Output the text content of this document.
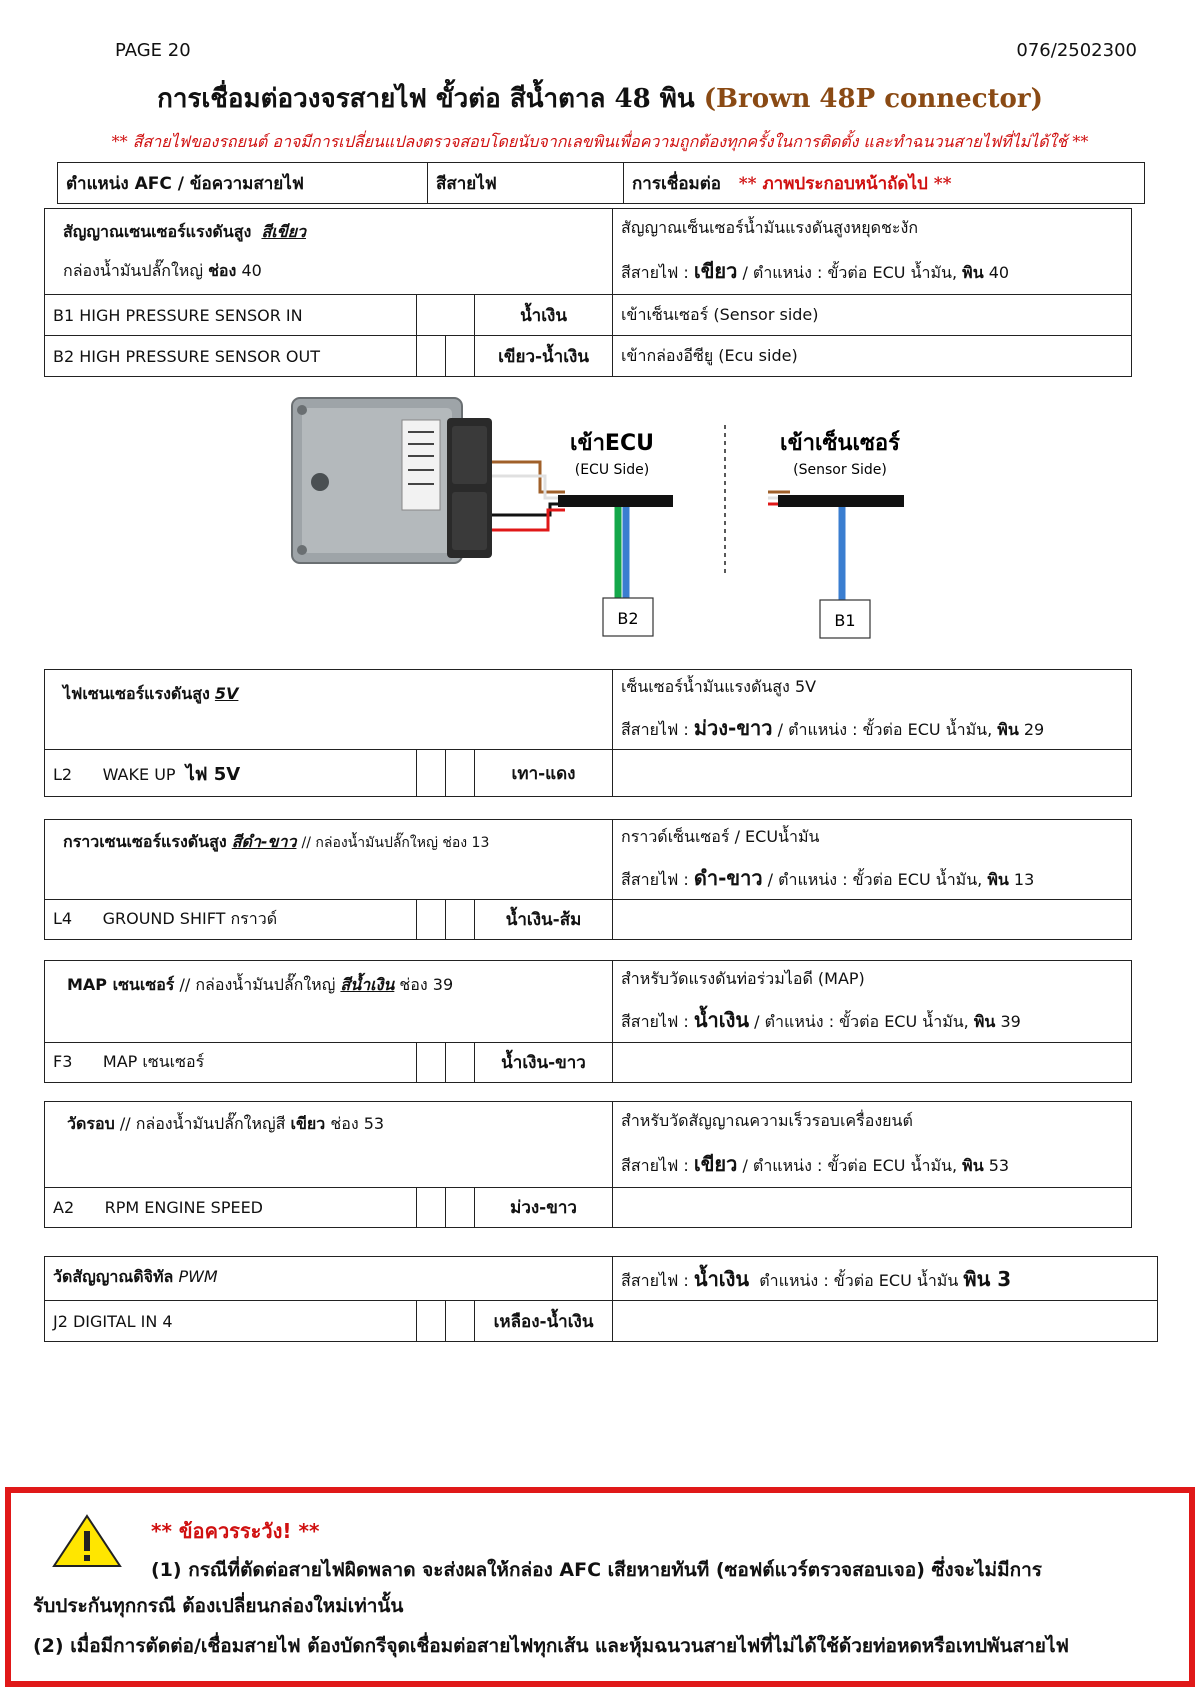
PAGE 20	076/2502300
การเชื่อมต่อวงจรสายไฟ ขั้วต่อ สีน้ำตาล 48 พิน (Brown 48P connector)
** สีสายไฟของรถยนต์ อาจมีการเปลี่ยนแปลงตรวจสอบโดยนับจากเลขพินเพื่อความถูกต้องทุกครั้งในการติดตั้ง และทำฉนวนสายไฟที่ไม่ได้ใช้ **
ตำแหน่ง AFC / ข้อความสายไฟ	สีสายไฟ	การเชื่อมต่อ ** ภาพประกอบหน้าถัดไป **
สัญญาณเซนเซอร์แรงดันสูง สีเขียว
กล่องน้ำมันปลั๊กใหญ่ ช่อง 40				สัญญาณเซ็นเซอร์น้ำมันแรงดันสูงหยุดชะงัก
สีสายไฟ : เขียว / ตำแหน่ง : ขั้วต่อ ECU น้ำมัน, พิน 40

B1 HIGH PRESSURE SENSOR IN			น้ำเงิน	เข้าเซ็นเซอร์ (Sensor side)
B2 HIGH PRESSURE SENSOR OUT			เขียว-น้ำเงิน	เข้ากล่องอีซียู (Ecu side)
เข้าECU
(ECU Side)
B2
เข้าเซ็นเซอร์
(Sensor Side)
B1
ไฟเซนเซอร์แรงดันสูง 5V				เซ็นเซอร์น้ำมันแรงดันสูง 5V
สีสายไฟ : ม่วง-ขาว / ตำแหน่ง : ขั้วต่อ ECU น้ำมัน, พิน 29

L2 WAKE UP ไฟ 5V			เทา-แดง	
กราวเซนเซอร์แรงดันสูง สีดำ-ขาว // กล่องน้ำมันปลั๊กใหญ่ ช่อง 13				กราวด์เซ็นเซอร์ / ECUน้ำมัน
สีสายไฟ : ดำ-ขาว / ตำแหน่ง : ขั้วต่อ ECU น้ำมัน, พิน 13

L4 GROUND SHIFT กราวด์			น้ำเงิน-ส้ม	
MAP เซนเซอร์ // กล่องน้ำมันปลั๊กใหญ่ สีน้ำเงิน ช่อง 39				สำหรับวัดแรงดันท่อร่วมไอดี (MAP)
สีสายไฟ : น้ำเงิน / ตำแหน่ง : ขั้วต่อ ECU น้ำมัน, พิน 39

F3 MAP เซนเซอร์			น้ำเงิน-ขาว	
วัดรอบ // กล่องน้ำมันปลั๊กใหญ่สี เขียว ช่อง 53				สำหรับวัดสัญญาณความเร็วรอบเครื่องยนต์
สีสายไฟ : เขียว / ตำแหน่ง : ขั้วต่อ ECU น้ำมัน, พิน 53

A2 RPM ENGINE SPEED			ม่วง-ขาว	
วัดสัญญาณดิจิทัล PWM				สีสายไฟ : น้ำเงิน ตำแหน่ง : ขั้วต่อ ECU น้ำมัน พิน 3
J2 DIGITAL IN 4			เหลือง-น้ำเงิน	
** ข้อควรระวัง! **
(1) กรณีที่ตัดต่อสายไฟผิดพลาด จะส่งผลให้กล่อง AFC เสียหายทันที (ซอฟต์แวร์ตรวจสอบเจอ) ซึ่งจะไม่มีการ
รับประกันทุกกรณี ต้องเปลี่ยนกล่องใหม่เท่านั้น
(2) เมื่อมีการตัดต่อ/เชื่อมสายไฟ ต้องบัดกรีจุดเชื่อมต่อสายไฟทุกเส้น และหุ้มฉนวนสายไฟที่ไม่ได้ใช้ด้วยท่อหดหรือเทปพันสายไฟ
